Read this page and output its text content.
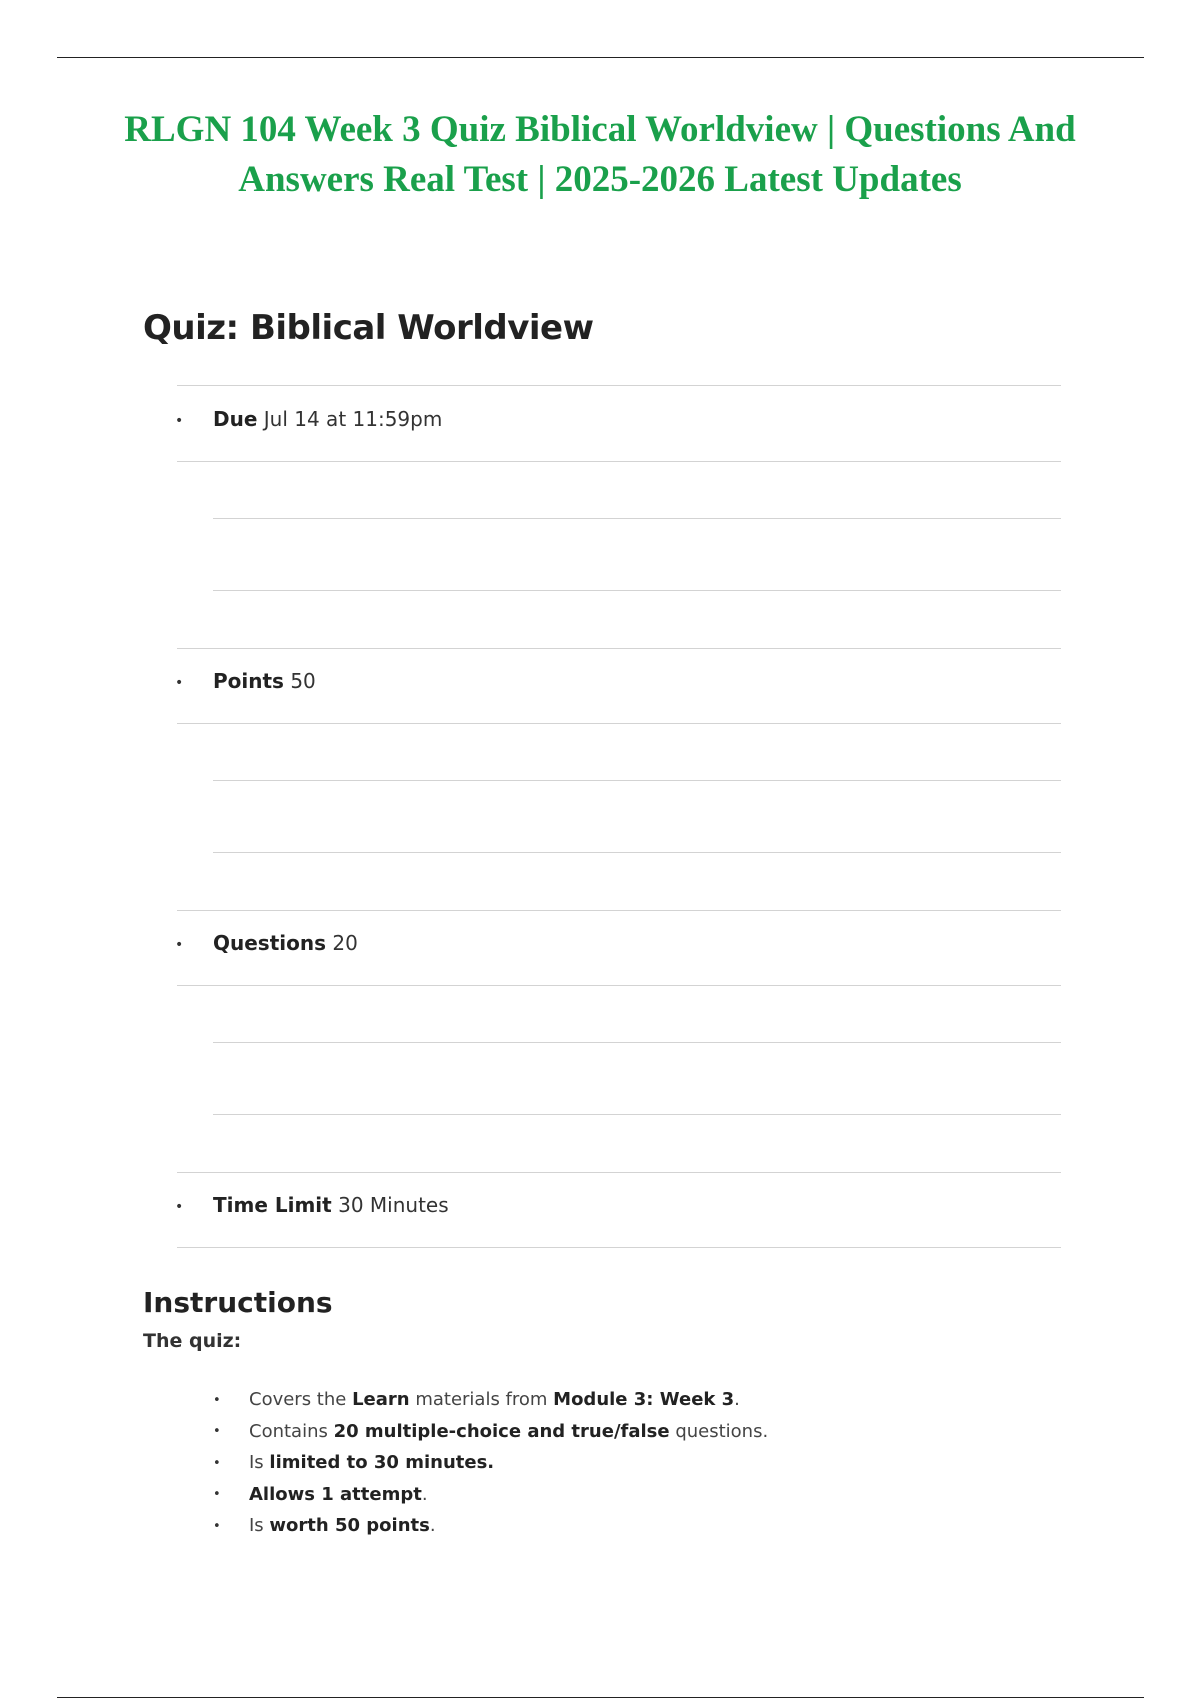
RLGN 104 Week 3 Quiz Biblical Worldview | Questions And
Answers Real Test | 2025-2026 Latest Updates
Quiz: Biblical Worldview
• Due Jul 14 at 11:59pm
• Points 50
• Questions 20
• Time Limit 30 Minutes
Instructions
The quiz:
• Covers the Learn materials from Module 3: Week 3.
• Contains 20 multiple-choice and true/false questions.
• Is limited to 30 minutes.
• Allows 1 attempt.
• Is worth 50 points.
